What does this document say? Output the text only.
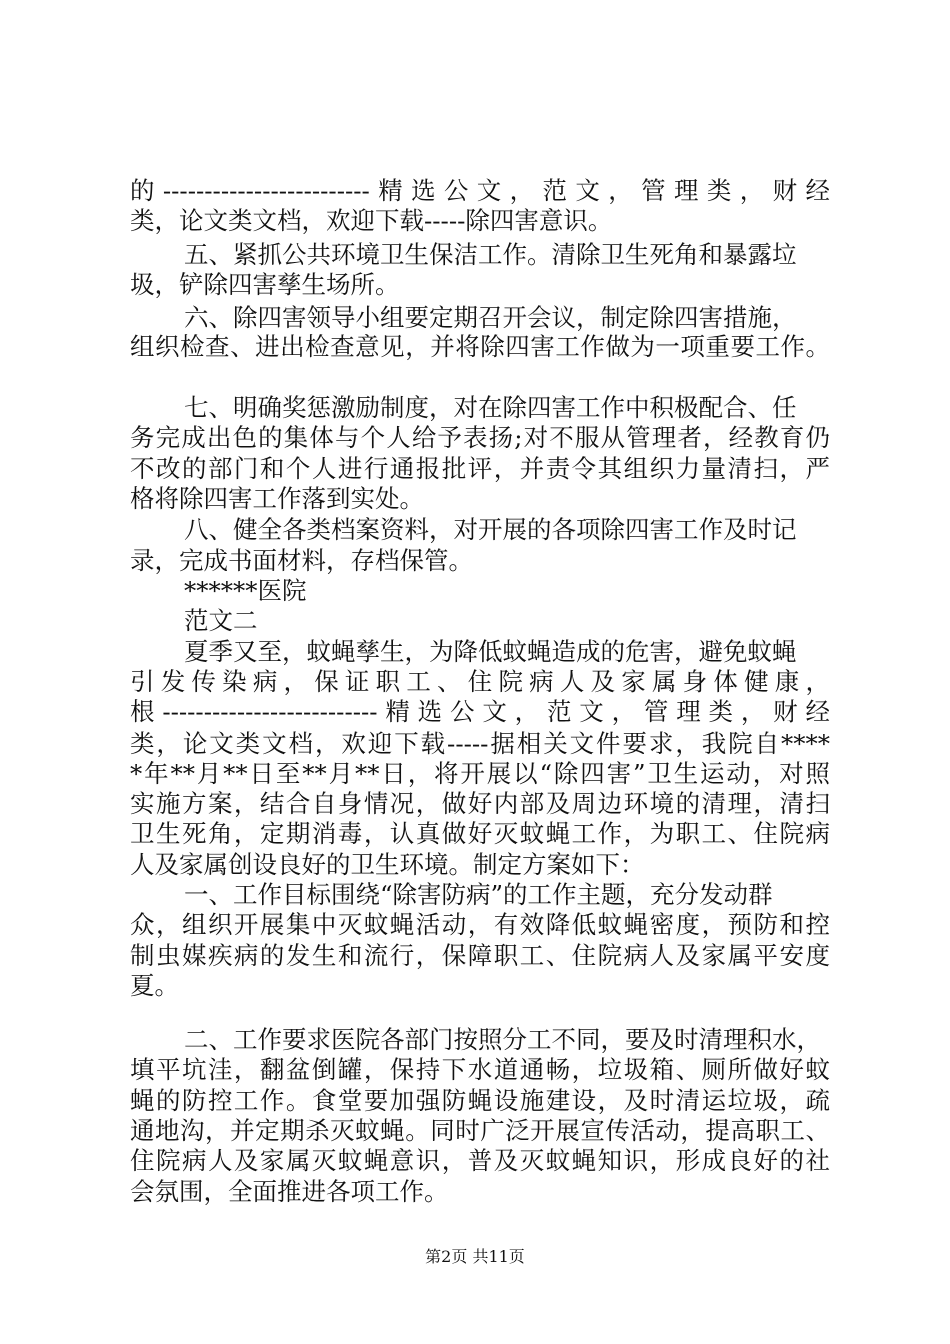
的-------------------------精选公文，范文，管理类，财经
类，论文类文档，欢迎下载-----除四害意识。
五、紧抓公共环境卫生保洁工作。清除卫生死角和暴露垃
圾，铲除四害孳生场所。
六、除四害领导小组要定期召开会议，制定除四害措施，
组织检查、进出检查意见，并将除四害工作做为一项重要工作。
七、明确奖惩激励制度，对在除四害工作中积极配合、任
务完成出色的集体与个人给予表扬;对不服从管理者，经教育仍
不改的部门和个人进行通报批评，并责令其组织力量清扫，严
格将除四害工作落到实处。
八、健全各类档案资料，对开展的各项除四害工作及时记
录，完成书面材料，存档保管。
******医院
范文二
夏季又至，蚊蝇孳生，为降低蚊蝇造成的危害，避免蚊蝇
引发传染病，保证职工、住院病人及家属身体健康，
根--------------------------精选公文，范文，管理类，财经
类，论文类文档，欢迎下载-----据相关文件要求，我院自****
*年**月**日至**月**日，将开展以“除四害”卫生运动，对照
实施方案，结合自身情况，做好内部及周边环境的清理，清扫
卫生死角，定期消毒，认真做好灭蚊蝇工作，为职工、住院病
人及家属创设良好的卫生环境。制定方案如下：
一、工作目标围绕“除害防病”的工作主题，充分发动群
众，组织开展集中灭蚊蝇活动，有效降低蚊蝇密度，预防和控
制虫媒疾病的发生和流行，保障职工、住院病人及家属平安度
夏。
二、工作要求医院各部门按照分工不同，要及时清理积水，
填平坑洼，翻盆倒罐，保持下水道通畅，垃圾箱、厕所做好蚊
蝇的防控工作。食堂要加强防蝇设施建设，及时清运垃圾，疏
通地沟，并定期杀灭蚊蝇。同时广泛开展宣传活动，提高职工、
住院病人及家属灭蚊蝇意识，普及灭蚊蝇知识，形成良好的社
会氛围，全面推进各项工作。
第2页 共11页
